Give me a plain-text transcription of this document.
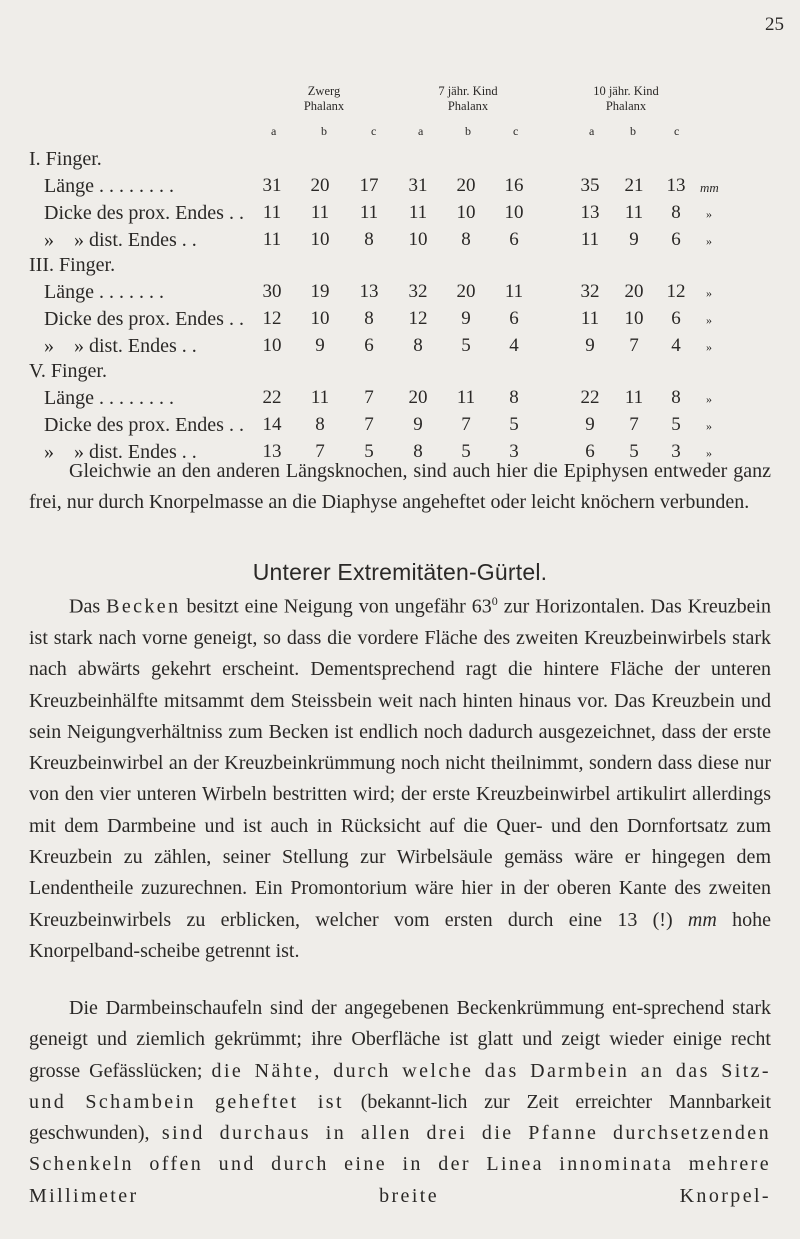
25
Zwerg
Phalanx
7 jähr. Kind
Phalanx
10 jähr. Kind
Phalanx
a	b	c	a	b	c	a	b	c
I. Finger.
Länge . . . . . . . .	31	20	17	31	20	16	35	21	13	mm
Dicke des prox. Endes . . 11	11	11	11	10	10	13	11	8	»
»    » dist. Endes . .	11	10	8	10	8	6	11	9	6	»
III. Finger.
Länge . . . . . . .	30	19	13	32	20	11	32	20	12	»
Dicke des prox. Endes . . 12	10	8	12	9	6	11	10	6	»
»    » dist. Endes . .	10	9	6	8	5	4	9	7	4	»
V. Finger.
Länge . . . . . . . .	22	11	7	20	11	8	22	11	8	»
Dicke des prox. Endes . . 14	8	7	9	7	5	9	7	5	»
»    » dist. Endes . .	13	7	5	8	5	3	6	5	3	»

Gleichwie an den anderen Längsknochen, sind auch hier die Epiphysen entweder ganz frei, nur durch Knorpelmasse an die Diaphyse angeheftet oder leicht knöchern verbunden.

Unterer Extremitäten-Gürtel.

Das Becken besitzt eine Neigung von ungefähr $63^0$ zur Horizontalen. Das Kreuzbein ist stark nach vorne geneigt, so dass die vordere Fläche des zweiten Kreuzbeinwirbels stark nach abwärts gekehrt erscheint. Dementsprechend ragt die hintere Fläche der unteren Kreuzbeinhälfte mitsammt dem Steissbein weit nach hinten hinaus vor. Das Kreuzbein und sein Neigungverhältniss zum Becken ist endlich noch dadurch ausgezeichnet, dass der erste Kreuzbeinwirbel an der Kreuzbeinkrümmung noch nicht theilnimmt, sondern dass diese nur von den vier unteren Wirbeln bestritten wird; der erste Kreuzbeinwirbel artikulirt allerdings mit dem Darmbeine und ist auch in Rücksicht auf die Quer- und den Dornfortsatz zum Kreuzbein zu zählen, seiner Stellung zur Wirbelsäule gemäss wäre er hingegen dem Lendentheile zuzurechnen. Ein Promontorium wäre hier in der oberen Kante des zweiten Kreuzbeinwirbels zu erblicken, welcher vom ersten durch eine 13 (!) mm hohe Knorpelband-scheibe getrennt ist.

Die Darmbeinschaufeln sind der angegebenen Beckenkrümmung ent-sprechend stark geneigt und ziemlich gekrümmt; ihre Oberfläche ist glatt und zeigt wieder einige recht grosse Gefässlücken; die Nähte, durch welche das Darmbein an das Sitz- und Schambein geheftet ist (bekannt-lich zur Zeit erreichter Mannbarkeit geschwunden), sind durchaus in allen drei die Pfanne durchsetzenden Schenkeln offen und durch eine in der Linea innominata mehrere Millimeter breite Knorpel-
